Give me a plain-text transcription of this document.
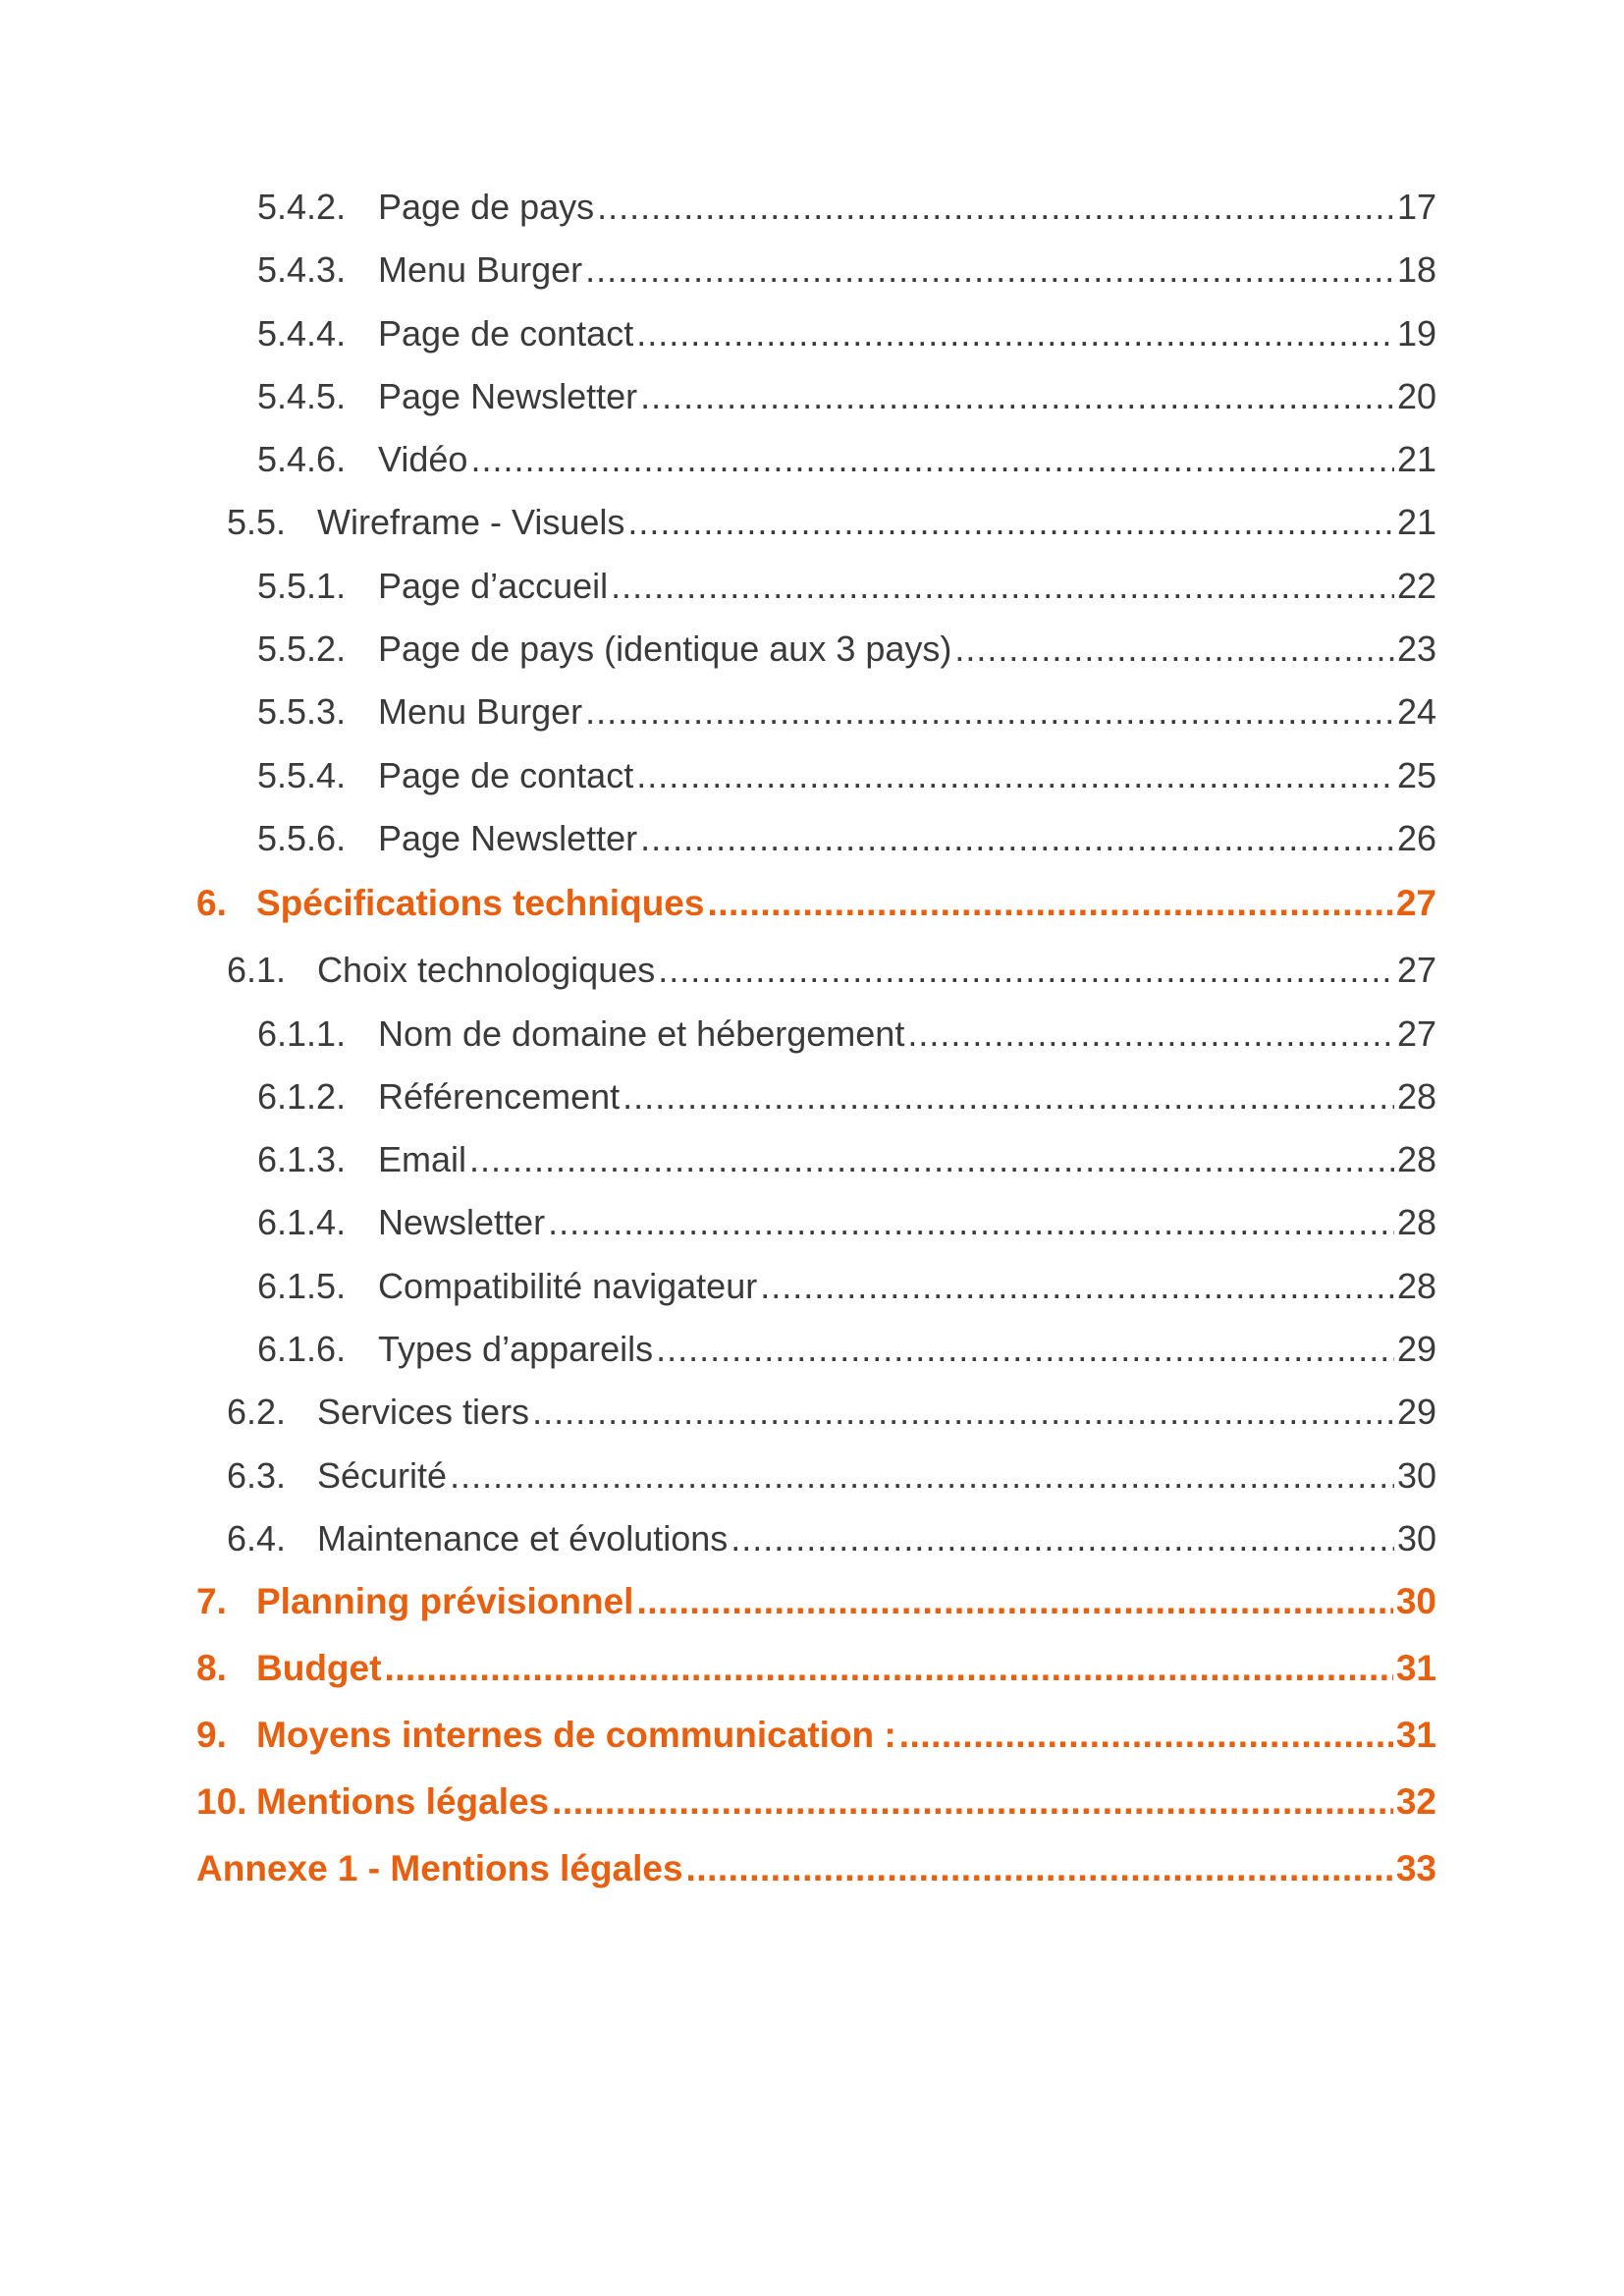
5.4.2. Page de pays .....	17
5.4.3. Menu Burger .....	18
5.4.4. Page de contact .....	19
5.4.5. Page Newsletter .....	20
5.4.6. Vidéo .....	21
5.5. Wireframe - Visuels .....	21
5.5.1. Page d’accueil .....	22
5.5.2. Page de pays (identique aux 3 pays) .....	23
5.5.3. Menu Burger .....	24
5.5.4. Page de contact .....	25
5.5.6. Page Newsletter .....	26
6. Spécifications techniques .....	27
6.1. Choix technologiques .....	27
6.1.1. Nom de domaine et hébergement .....	27
6.1.2. Référencement .....	28
6.1.3. Email .....	28
6.1.4. Newsletter .....	28
6.1.5. Compatibilité navigateur .....	28
6.1.6. Types d’appareils .....	29
6.2. Services tiers .....	29
6.3. Sécurité .....	30
6.4. Maintenance et évolutions .....	30
7. Planning prévisionnel .....	30
8. Budget .....	31
9. Moyens internes de communication : .....	31
10. Mentions légales .....	32
Annexe 1 - Mentions légales .....	33
